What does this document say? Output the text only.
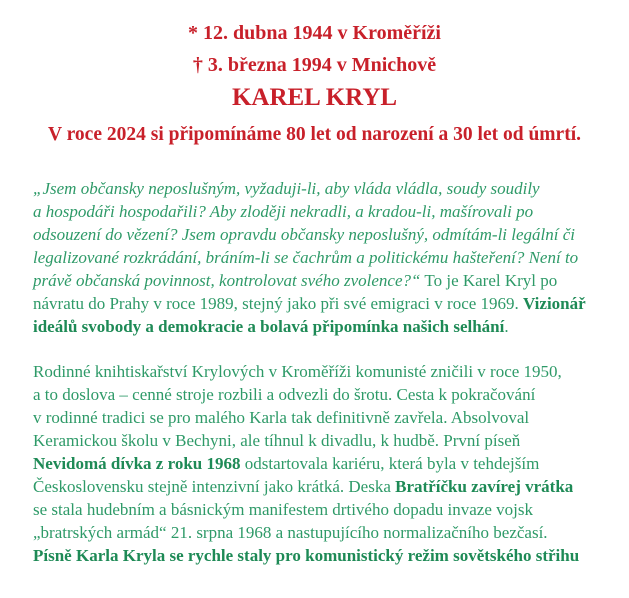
* 12. dubna 1944 v Kroměříži
† 3. března 1994 v Mnichově
KAREL KRYL
V roce 2024 si připomínáme 80 let od narození a 30 let od úmrtí.

„Jsem občansky neposlušným, vyžaduji-li, aby vláda vládla, soudy soudily
a hospodáři hospodařili? Aby zloději nekradli, a kradou-li, mašírovali po
odsouzení do vězení? Jsem opravdu občansky neposlušný, odmítám-li legální či
legalizované rozkrádání, bráním-li se čachrům a politickému hašteření? Není to
právě občanská povinnost, kontrolovat svého zvolence?“ To je Karel Kryl po
návratu do Prahy v roce 1989, stejný jako při své emigraci v roce 1969. Vizionář
ideálů svobody a demokracie a bolavá připomínka našich selhání.

Rodinné knihtiskařství Krylových v Kroměříži komunisté zničili v roce 1950,
a to doslova – cenné stroje rozbili a odvezli do šrotu. Cesta k pokračování
v rodinné tradici se pro malého Karla tak definitivně zavřela. Absolvoval
Keramickou školu v Bechyni, ale tíhnul k divadlu, k hudbě. První píseň
Nevidomá dívka z roku 1968 odstartovala kariéru, která byla v tehdejším
Československu stejně intenzivní jako krátká. Deska Bratříčku zavírej vrátka
se stala hudebním a básnickým manifestem drtivého dopadu invaze vojsk
„bratrských armád“ 21. srpna 1968 a nastupujícího normalizačního bezčasí.
Písně Karla Kryla se rychle staly pro komunistický režim sovětského střihu
